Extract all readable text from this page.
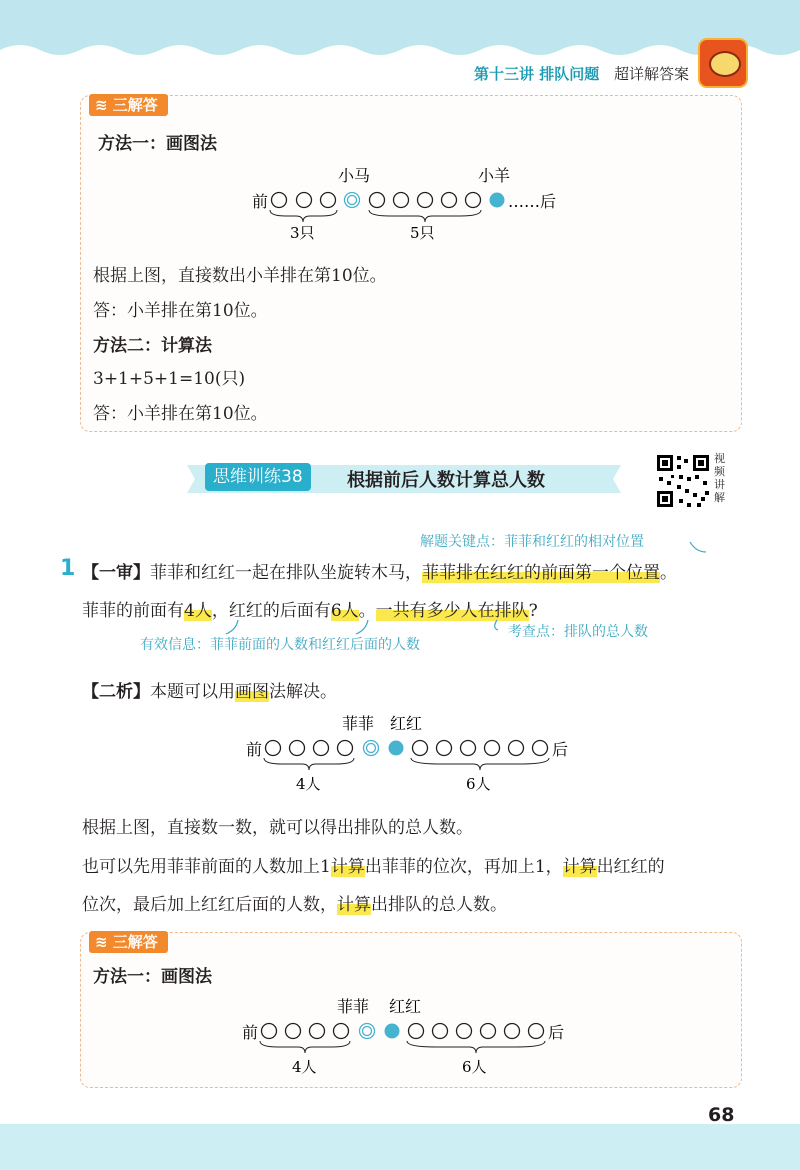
第十三讲 排队问题 超详解答案
≋ 三解答
方法一：画图法
小马	小羊
前	……后
3只	5只
根据上图，直接数出小羊排在第10位。
答：小羊排在第10位。
方法二：计算法
3+1+5+1=10(只)
答：小羊排在第10位。
思维训练38	根据前后人数计算总人数
视频讲解
解题关键点：菲菲和红红的相对位置
1 【一审】菲菲和红红一起在排队坐旋转木马，菲菲排在红红的前面第一个位置。
菲菲的前面有4人，红红的后面有6人。一共有多少人在排队?
有效信息：菲菲前面的人数和红红后面的人数
考查点：排队的总人数
【二析】本题可以用画图法解决。
菲菲 红红
前	后
4人	6人
根据上图，直接数一数，就可以得出排队的总人数。
也可以先用菲菲前面的人数加上1计算出菲菲的位次，再加上1，计算出红红的
位次，最后加上红红后面的人数，计算出排队的总人数。
≋ 三解答
方法一：画图法
菲菲 红红
前	后
4人	6人
68
